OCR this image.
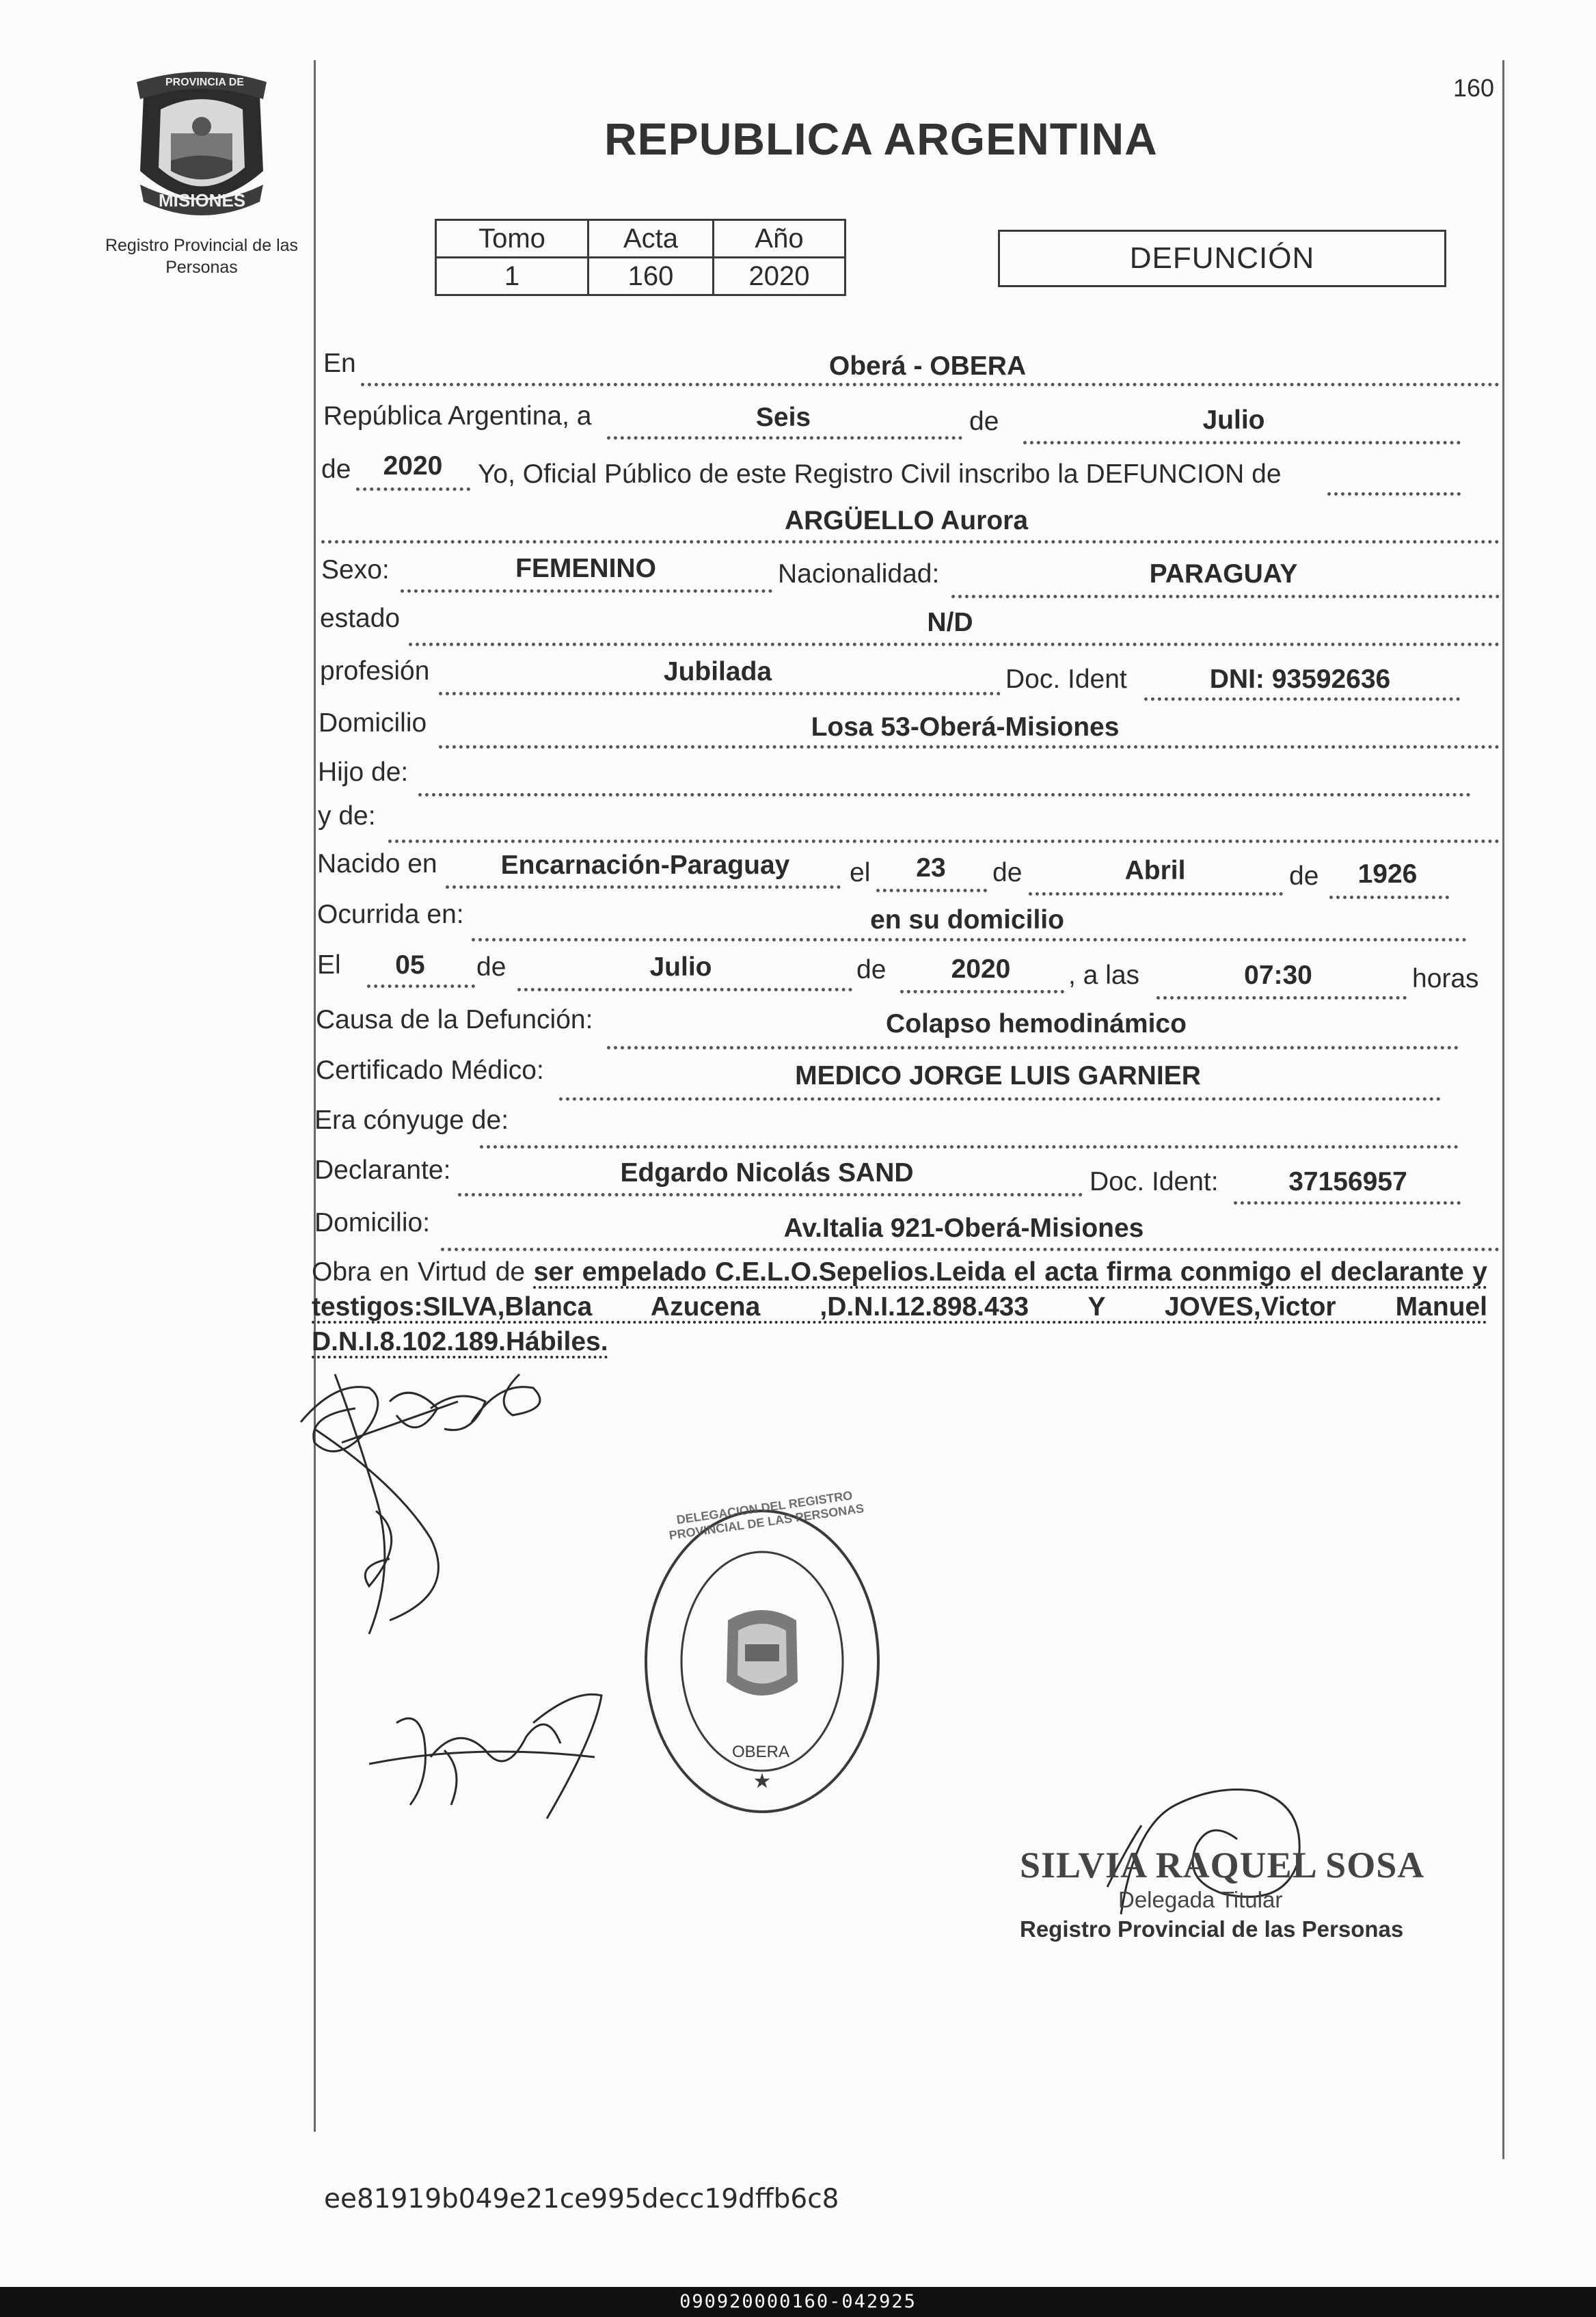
PROVINCIA DE
MISIONES
Registro Provincial de las Personas
REPUBLICA ARGENTINA
160
Tomo	Acta	Año
1	160	2020
DEFUNCIÓN
En	Oberá - OBERA
República Argentina, a	Seis	de	Julio
de 2020 Yo, Oficial Público de este Registro Civil inscribo la DEFUNCION de
ARGÜELLO Aurora
Sexo:	FEMENINO	Nacionalidad:	PARAGUAY
estado	N/D
profesión	Jubilada	Doc. Ident	DNI: 93592636
Domicilio	Losa 53-Oberá-Misiones
Hijo de:
y de:
Nacido en Encarnación-Paraguay el 23 de	Abril	de 1926
Ocurrida en:	en su domicilio
El 05 de	Julio	de 2020 , a las	07:30	horas
Causa de la Defunción:	Colapso hemodinámico
Certificado Médico:	MEDICO JORGE LUIS GARNIER
Era cónyuge de:
Declarante:	Edgardo Nicolás SAND	Doc. Ident:	37156957
Domicilio:	Av.Italia 921-Oberá-Misiones
Obra en Virtud de ser empelado C.E.L.O.Sepelios.Leida el acta firma conmigo el declarante y testigos:SILVA,Blanca Azucena ,D.N.I.12.898.433 Y JOVES,Victor Manuel D.N.I.8.102.189.Hábiles.
OBERA
★
DELEGACION DEL REGISTRO PROVINCIAL DE LAS PERSONAS
SILVIA RAQUEL SOSA
Delegada Titular
Registro Provincial de las Personas
ee81919b049e21ce995decc19dffb6c8
090920000160-042925
